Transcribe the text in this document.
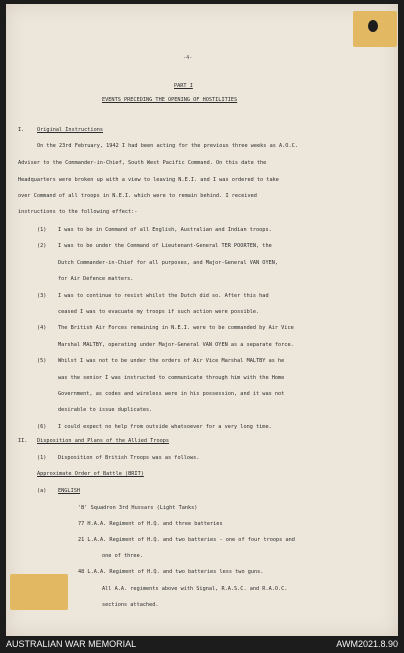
-4-
PART I
EVENTS PRECEDING THE OPENING OF HOSTILITIES
I. Original Instructions
On the 23rd February, 1942 I had been acting for the previous three weeks as A.O.C.
Adviser to the Commander-in-Chief, South West Pacific Command. On this date the
Headquarters were broken up with a view to leaving N.E.I. and I was ordered to take
over Command of all troops in N.E.I. which were to remain behind. I received
instructions to the following effect:-
(1) I was to be in Command of all English, Australian and Indian troops.
(2) I was to be under the Command of Lieutenant-General TER POORTEN, the
Dutch Commander-in-Chief for all purposes, and Major-General VAN OYEN,
for Air Defence matters.
(3) I was to continue to resist whilst the Dutch did so. After this had
ceased I was to evacuate my troops if such action were possible.
(4) The British Air Forces remaining in N.E.I. were to be commanded by Air Vice
Marshal MALTBY, operating under Major-General VAN OYEN as a separate force.
(5) Whilst I was not to be under the orders of Air Vice Marshal MALTBY as he
was the senior I was instructed to communicate through him with the Home
Government, as codes and wireless were in his possession, and it was not
desirable to issue duplicates.
(6) I could expect no help from outside whatsoever for a very long time.
II. Disposition and Plans of the Allied Troops
(1) Disposition of British Troops was as follows.
Approximate Order of Battle (BRIT)
(a) ENGLISH
'B' Squadron 3rd Hussars (Light Tanks)
77 H.A.A. Regiment of H.Q. and three batteries
21 L.A.A. Regiment of H.Q. and two batteries - one of four troops and
one of three.
48 L.A.A. Regiment of H.Q. and two batteries less two guns.
All A.A. regiments above with Signal, R.A.S.C. and R.A.O.C.
sections attached.
AUSTRALIAN WAR MEMORIAL	AWM2021.8.90
